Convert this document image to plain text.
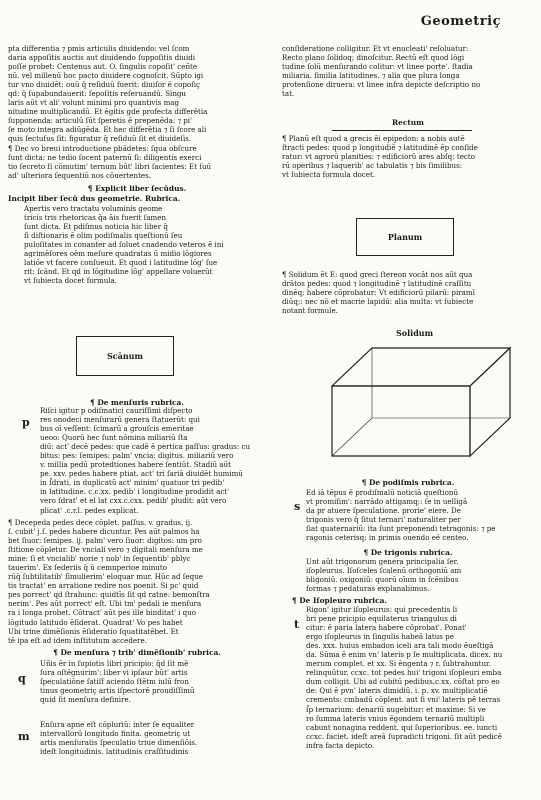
Geometriç
pta differentia ⁊ pmis articulis diuidendo: vel ſcom
daria appoſitis auctis aut diuidendo ſuppoſitis diuidi
poſſe probet: Centenus aut. O. ſingulis copoſit' ceñte
nū. vel millenū hoc pacto diuidere cognoſcit. Sūpto igi
tur vno diuidēt: ouū q̄ reſiduū fuerit: diuiſor ē copoſiç
qd: q̄ ſupabundauerit: ſepoſitis reſeruandū. Singu
laris aūt vt ali' volunt minimi pro quantivis mag
nitudine multiplicandū. Et ēgitis gde profecta differētia
ſupponenda: articulū ſūt ſperetis ē prepenēda: ⁊ pi'
ſe moto integra adiūgēda. Et hec differētia ⁊ ſi ſcore ali
quis ſectuſus ſit: figuratur q̄ reſiduū ſit et diuideſis.
¶ Dec vo breui introductione pbādetes: ſqua obſcure
ſunt dicta: ne tedio ſocent paternū ſi: diligentis exerci
tio ſecreto ſi cōmutim' ternum būt' libri ſacientes: Et ſuū
ad' ulteriora ſequentiū nos cōuertentes.
¶ Explicit liber ſecūdus.
Incipit liber ſecū dus geometrie. Rubrica.
Apertis vero tractatu voluminis geome
tricis tris rhetoricas q̄a āis fuerit ſamen
ſunt dicta. Et pdiſmus noticia hic liber q̄
ſi diſtionaris ē olim podiſmalis queſtionū ſeu
puloſitates in conanter ad ſoluet cnadendo veteros ē ini
agrimēſores oēm meſure quadratas ū midio lōgiores
latiōe vt facere conſueuit. Et quod i latitudine lōg' ſue
rit: ſcānd. Et qd in lōgitudine lōg' appellare voluerūt
vt ſubiecta docet formula.
Scānum
¶ De menſuris rubrica.
p
Riſci igitur p odiſmatici cauriſſimi diſpecto
res onodeci menſurarū genera ſtatuerūt: qui
bus oī veſſent: ſcimarū a grouſcis emeritae
ueoo: Quorū hec ſunt nōmina miliariū ſta
diū: act' decē pedes: que cadē ē pertica paſſus: gradus: cu
bitus: pes: ſemipes: palm' vncia: digitus. miliariū vero
v. millia pedū protedtiones habere ſentiūt. Stadiū aūt
pe. xxv. pedes habere ptiat. act' tri ſariā diuidēt humimū
in ſ̄drati, in duplicatū act' minim' quatuor tri pedib'
in latitudine. c.c.xx. pedib' i longitudine prodidit act'
vero ſdrat' et el lat cxx.c.cxx. pedib' pludit: aūt vero
plicat' .c.r.l. pedes explicat.
¶ Decepeda pedes dece cōplet. paſſus. v. gradus. ij.
ſ. cubit' j.ſ. pedes habere dicuntur. Pes aūt palmos ha
bet ſiuor: ſemipes. ij. palm' vero ſiuor: digitos: um pro
ſtitione cōpletur. De vnciali vero ⁊ digitali menſura me
mine: ſi et vncialib' norie ⁊ nob' in ſequentib' pblyc
tauerim'. Ex ſederiis q̄ ū cemnperioe minuto
rūq̄ ſubtilitatib' ſīmulierim' eloquar mur. Hūc ad ſeque
tis tractat' en arratione redire nos poenit. Si pc' quid
pes porrect' qd ſtrahunc: quidtīs ſit qd ratne: bemonſtra
nerim'. Pes aūt porrect' eſt. Ubi tm' pedali ie menſura
ra i longa probet. Cōtract' aūt pes ille binditat' i quo
lōgitudo latitudo ēſiderat. Quadrat' Vo pes habet
Ubi trine dimēſionis ēſideratio ſquatitatēbet. Et
tē ipa eſt ad idem inſtitutum accedere.
¶ De menſura ⁊ trib' dimēſionib' rubrica.
q
Uñis ēr in ſupiotis libri pricipio: q̄d ſit mē
ſura oſtēgnurim': liber vi ipſaur būt' artis
ſpeculatiōne ſatiſf aciendo ſtētm iulū fron
tinus geometriç artis iſpectorē proudiſſimū
quid ſit menſura definire.
m
Enſura apne eſt cōpluriū: inter ſe equaliter
intervallorū longitudo finita. geometriç ut
artis menſuratis ſpeculatio triue dimenſiōis.
ideſt longitudinis. latitudinis craſſitudinis
conſideratione colligitur. Et vt enucleati' reſoluatur:
Recto plano ſolidoq; dinoſcitur. Rectū eſt quod lōgi
tudine ſolū menſurando colitur: vt linee porte'. ſtadia
miliaria. ſimilia latitudines. ⁊ alia que plura longa
protenſione diruera: vt linee infra depicte deſcriptio no
tat.
Rectum
¶ Planū eſt quod a grecis ēi epipedon: a nobis autē
ſtracti pedes: quod p longitudiē ⁊ latitudinē ēp conſide
ratur: vt agrorū planities: ⁊ edificiorū ares abſq; tecto
rū operibus ⁊ laquerib' ac tabulatis ⁊ bis ſimilibus:
vt ſubiecta formula docet.
Planum
¶ Solidum ēt E: quod greci ſtereon vocāt nos aūt qua
drātos pedes: quod ⁊ longitudinē ⁊ latitudinē craſſitu
dinēq; habere cōprobatur: Vt edificiorū pilarū: piramī
diūq;: nec nō et macrie lapidū: alia multa: vt ſubiecte
notant formule.
Solidum
¶ De podiſmis rubrica.
s
Ed iā tēpus ē prodiſmalū noticiā queſtionū
vt promiſim': narrādo attigamq;: ſe in uelligā
da pr atuere ſpeculatione. prorie' eiere. De
trigonis vero q̄ ſitut ternari' naturaliter per
ſiat quaternariū: ita ſunt preponendi tetragonis: ⁊ pe
ragonis ceterisq; in primis ouendo eē centeo.
¶ De trigonis rubrica.
Unt aūt trigonorum genera principalia ſer.
iſopleurus. Iſoſceles ſcalenū orthogoniū am
bligoniū. oxigoniū: quorū oīum in ſcēnibus
formas ⁊ pedaturas explanabimus.
¶ De Iſopleuro rubrica.
t
Rigon' igitur iſopleurus: qui precedentis li
bri pene pricipio equilaterus triangulus di
citur: ē paria latera habere cōprobat'. Ponat'
ergo iſopleurus in ſingulis habeā latus pe
des. xxx. huius embadon iceli ara tali modo ēueſtigā
da. Sūma ē enim vn' lateris p ſe multiplicata. dicex. nu
merum complet. et xx. Si ēngenta ⁊ r. ſubtrahuntur.
relinquūtur. ccxc. tot pedes hui' trigoni iſopleuri emba
dum colligit. Ubi ad cubitū pedibus.c.xx. cōſtat pro eo
de: Qui ē pvn' lateris dimidiū. i. p. xv. multiplicatiē
crements: cmbadū cōplent. aut ſi vni' lateris pē terras
ſ̄p ternarium: denariū augebitur: et maxime: Si ve
ro ſumma lateris vnius ēgondem ternariū multipli
cabunt nonagina reddent. qui ſuperioribus. ee. iuncti
ccxc. faciet. ideſt areā ſupradicti trigoni. ſit aūt pedicē
infra facta depicto.
